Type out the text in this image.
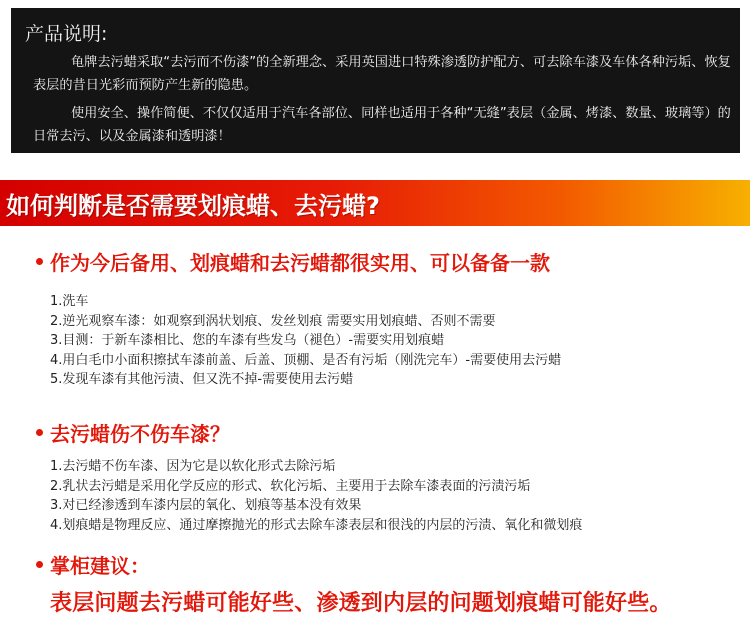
产品说明:
龟牌去污蜡采取“去污而不伤漆”的全新理念、采用英国进口特殊渗透防护配方、可去除车漆及车体各种污垢、恢复表层的昔日光彩而预防产生新的隐患。
使用安全、操作简便、不仅仅适用于汽车各部位、同样也适用于各种“无缝”表层（金属、烤漆、数量、玻璃等）的日常去污、以及金属漆和透明漆！
如何判断是否需要划痕蜡、去污蜡?
作为今后备用、划痕蜡和去污蜡都很实用、可以备备一款
1.洗车
2.逆光观察车漆：如观察到涡状划痕、发丝划痕 需要实用划痕蜡、否则不需要
3.目测：于新车漆相比、您的车漆有些发乌（褪色）-需要实用划痕蜡
4.用白毛巾小面积擦拭车漆前盖、后盖、顶棚、是否有污垢（刚洗完车）-需要使用去污蜡
5.发现车漆有其他污渍、但又洗不掉-需要使用去污蜡
去污蜡伤不伤车漆？
1.去污蜡不伤车漆、因为它是以软化形式去除污垢
2.乳状去污蜡是采用化学反应的形式、软化污垢、主要用于去除车漆表面的污渍污垢
3.对已经渗透到车漆内层的氧化、划痕等基本没有效果
4.划痕蜡是物理反应、通过摩擦抛光的形式去除车漆表层和很浅的内层的污渍、氧化和微划痕
掌柜建议：
表层问题去污蜡可能好些、渗透到内层的问题划痕蜡可能好些。
